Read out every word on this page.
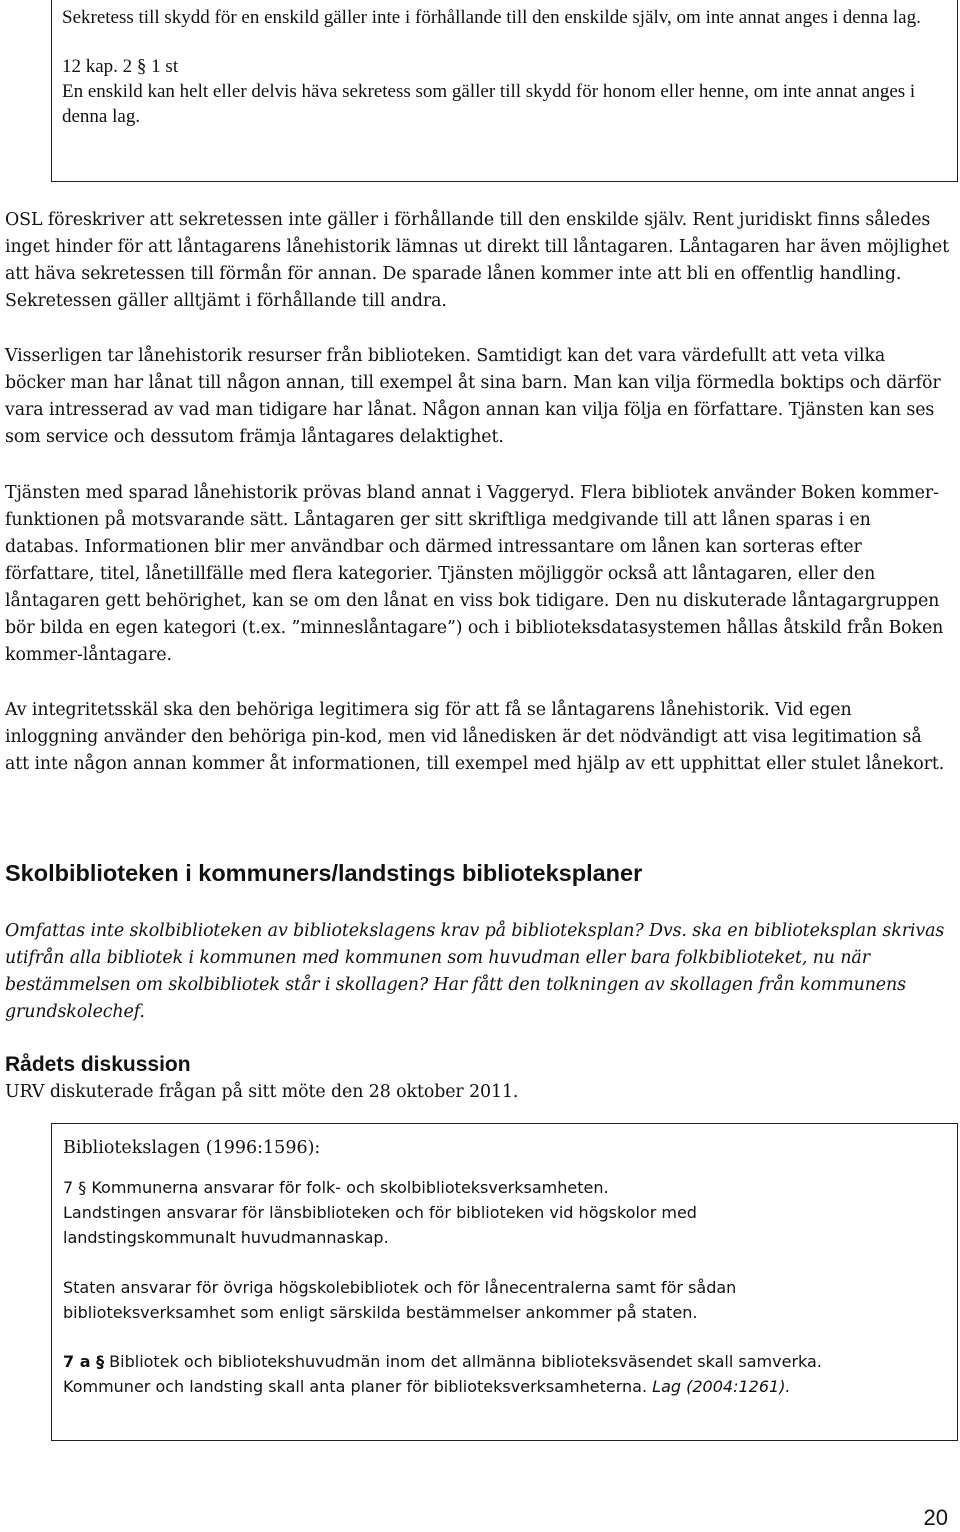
Sekretess till skydd för en enskild gäller inte i förhållande till den enskilde själv, om inte annat anges i denna lag.

12 kap. 2 § 1 st

En enskild kan helt eller delvis häva sekretess som gäller till skydd för honom eller henne, om inte annat anges i denna lag.

OSL föreskriver att sekretessen inte gäller i förhållande till den enskilde själv. Rent juridiskt finns således inget hinder för att låntagarens lånehistorik lämnas ut direkt till låntagaren. Låntagaren har även möjlighet att häva sekretessen till förmån för annan. De sparade lånen kommer inte att bli en offentlig handling. Sekretessen gäller alltjämt i förhållande till andra.

Visserligen tar lånehistorik resurser från biblioteken. Samtidigt kan det vara värdefullt att veta vilka böcker man har lånat till någon annan, till exempel åt sina barn. Man kan vilja förmedla boktips och därför vara intresserad av vad man tidigare har lånat. Någon annan kan vilja följa en författare. Tjänsten kan ses som service och dessutom främja låntagares delaktighet.

Tjänsten med sparad lånehistorik prövas bland annat i Vaggeryd. Flera bibliotek använder Boken kommer-funktionen på motsvarande sätt. Låntagaren ger sitt skriftliga medgivande till att lånen sparas i en databas. Informationen blir mer användbar och därmed intressantare om lånen kan sorteras efter författare, titel, lånetillfälle med flera kategorier. Tjänsten möjliggör också att låntagaren, eller den låntagaren gett behörighet, kan se om den lånat en viss bok tidigare. Den nu diskuterade låntagargruppen bör bilda en egen kategori (t.ex. ”minneslåntagare”) och i biblioteksdatasystemen hållas åtskild från Boken kommer-låntagare.

Av integritetsskäl ska den behöriga legitimera sig för att få se låntagarens lånehistorik. Vid egen inloggning använder den behöriga pin-kod, men vid lånedisken är det nödvändigt att visa legitimation så att inte någon annan kommer åt informationen, till exempel med hjälp av ett upphittat eller stulet lånekort.

Skolbiblioteken i kommuners/landstings biblioteksplaner

Omfattas inte skolbiblioteken av bibliotekslagens krav på biblioteksplan? Dvs. ska en biblioteksplan skrivas utifrån alla bibliotek i kommunen med kommunen som huvudman eller bara folkbiblioteket, nu när bestämmelsen om skolbibliotek står i skollagen? Har fått den tolkningen av skollagen från kommunens grundskolechef.

Rådets diskussion

URV diskuterade frågan på sitt möte den 28 oktober 2011.

Bibliotekslagen (1996:1596):

7 § Kommunerna ansvarar för folk- och skolbiblioteksverksamheten.

Landstingen ansvarar för länsbiblioteken och för biblioteken vid högskolor med landstingskommunalt huvudmannaskap.

Staten ansvarar för övriga högskolebibliotek och för lånecentralerna samt för sådan biblioteksverksamhet som enligt särskilda bestämmelser ankommer på staten.

7 a § Bibliotek och bibliotekshuvudmän inom det allmänna biblioteksväsendet skall samverka.

Kommuner och landsting skall anta planer för biblioteksverksamheterna. Lag (2004:1261).

20
